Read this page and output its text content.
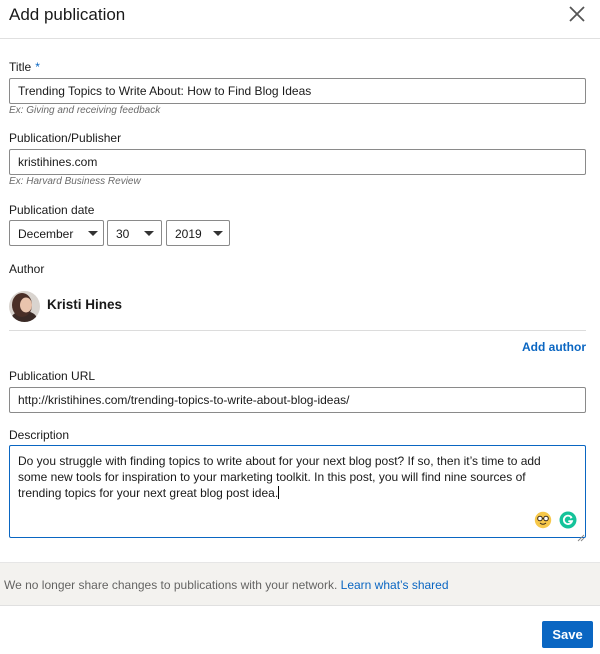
Add publication
Title *
Trending Topics to Write About: How to Find Blog Ideas
Ex: Giving and receiving feedback
Publication/Publisher
kristihines.com
Ex: Harvard Business Review
Publication date
December	30	2019
Author
Kristi Hines
Add author
Publication URL
http://kristihines.com/trending-topics-to-write-about-blog-ideas/
Description
Do you struggle with finding topics to write about for your next blog post? If so, then it’s time to add
some new tools for inspiration to your marketing toolkit. In this post, you will find nine sources of
trending topics for your next great blog post idea.
We no longer share changes to publications with your network. Learn what’s shared
Save
